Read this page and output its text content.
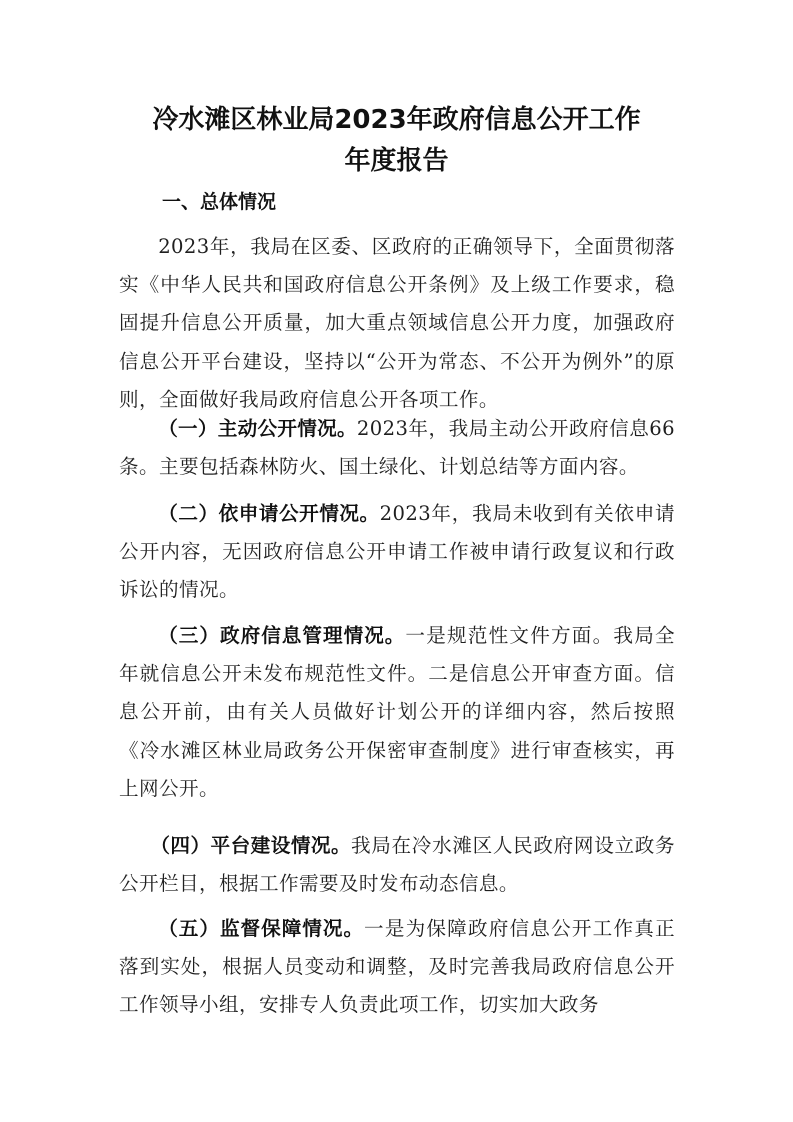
冷水滩区林业局2023年政府信息公开工作
年度报告
一、总体情况

2023年，我局在区委、区政府的正确领导下，全面贯彻落实《中华人民共和国政府信息公开条例》及上级工作要求，稳固提升信息公开质量，加大重点领域信息公开力度，加强政府信息公开平台建设，坚持以“公开为常态、不公开为例外”的原则，全面做好我局政府信息公开各项工作。

（一）主动公开情况。2023年，我局主动公开政府信息66条。主要包括森林防火、国土绿化、计划总结等方面内容。

（二）依申请公开情况。2023年，我局未收到有关依申请公开内容，无因政府信息公开申请工作被申请行政复议和行政诉讼的情况。

（三）政府信息管理情况。一是规范性文件方面。我局全年就信息公开未发布规范性文件。二是信息公开审查方面。信息公开前，由有关人员做好计划公开的详细内容，然后按照《冷水滩区林业局政务公开保密审查制度》进行审查核实，再上网公开。

（四）平台建设情况。我局在冷水滩区人民政府网设立政务公开栏目，根据工作需要及时发布动态信息。

（五）监督保障情况。一是为保障政府信息公开工作真正落到实处，根据人员变动和调整，及时完善我局政府信息公开工作领导小组，安排专人负责此项工作，切实加大政务
